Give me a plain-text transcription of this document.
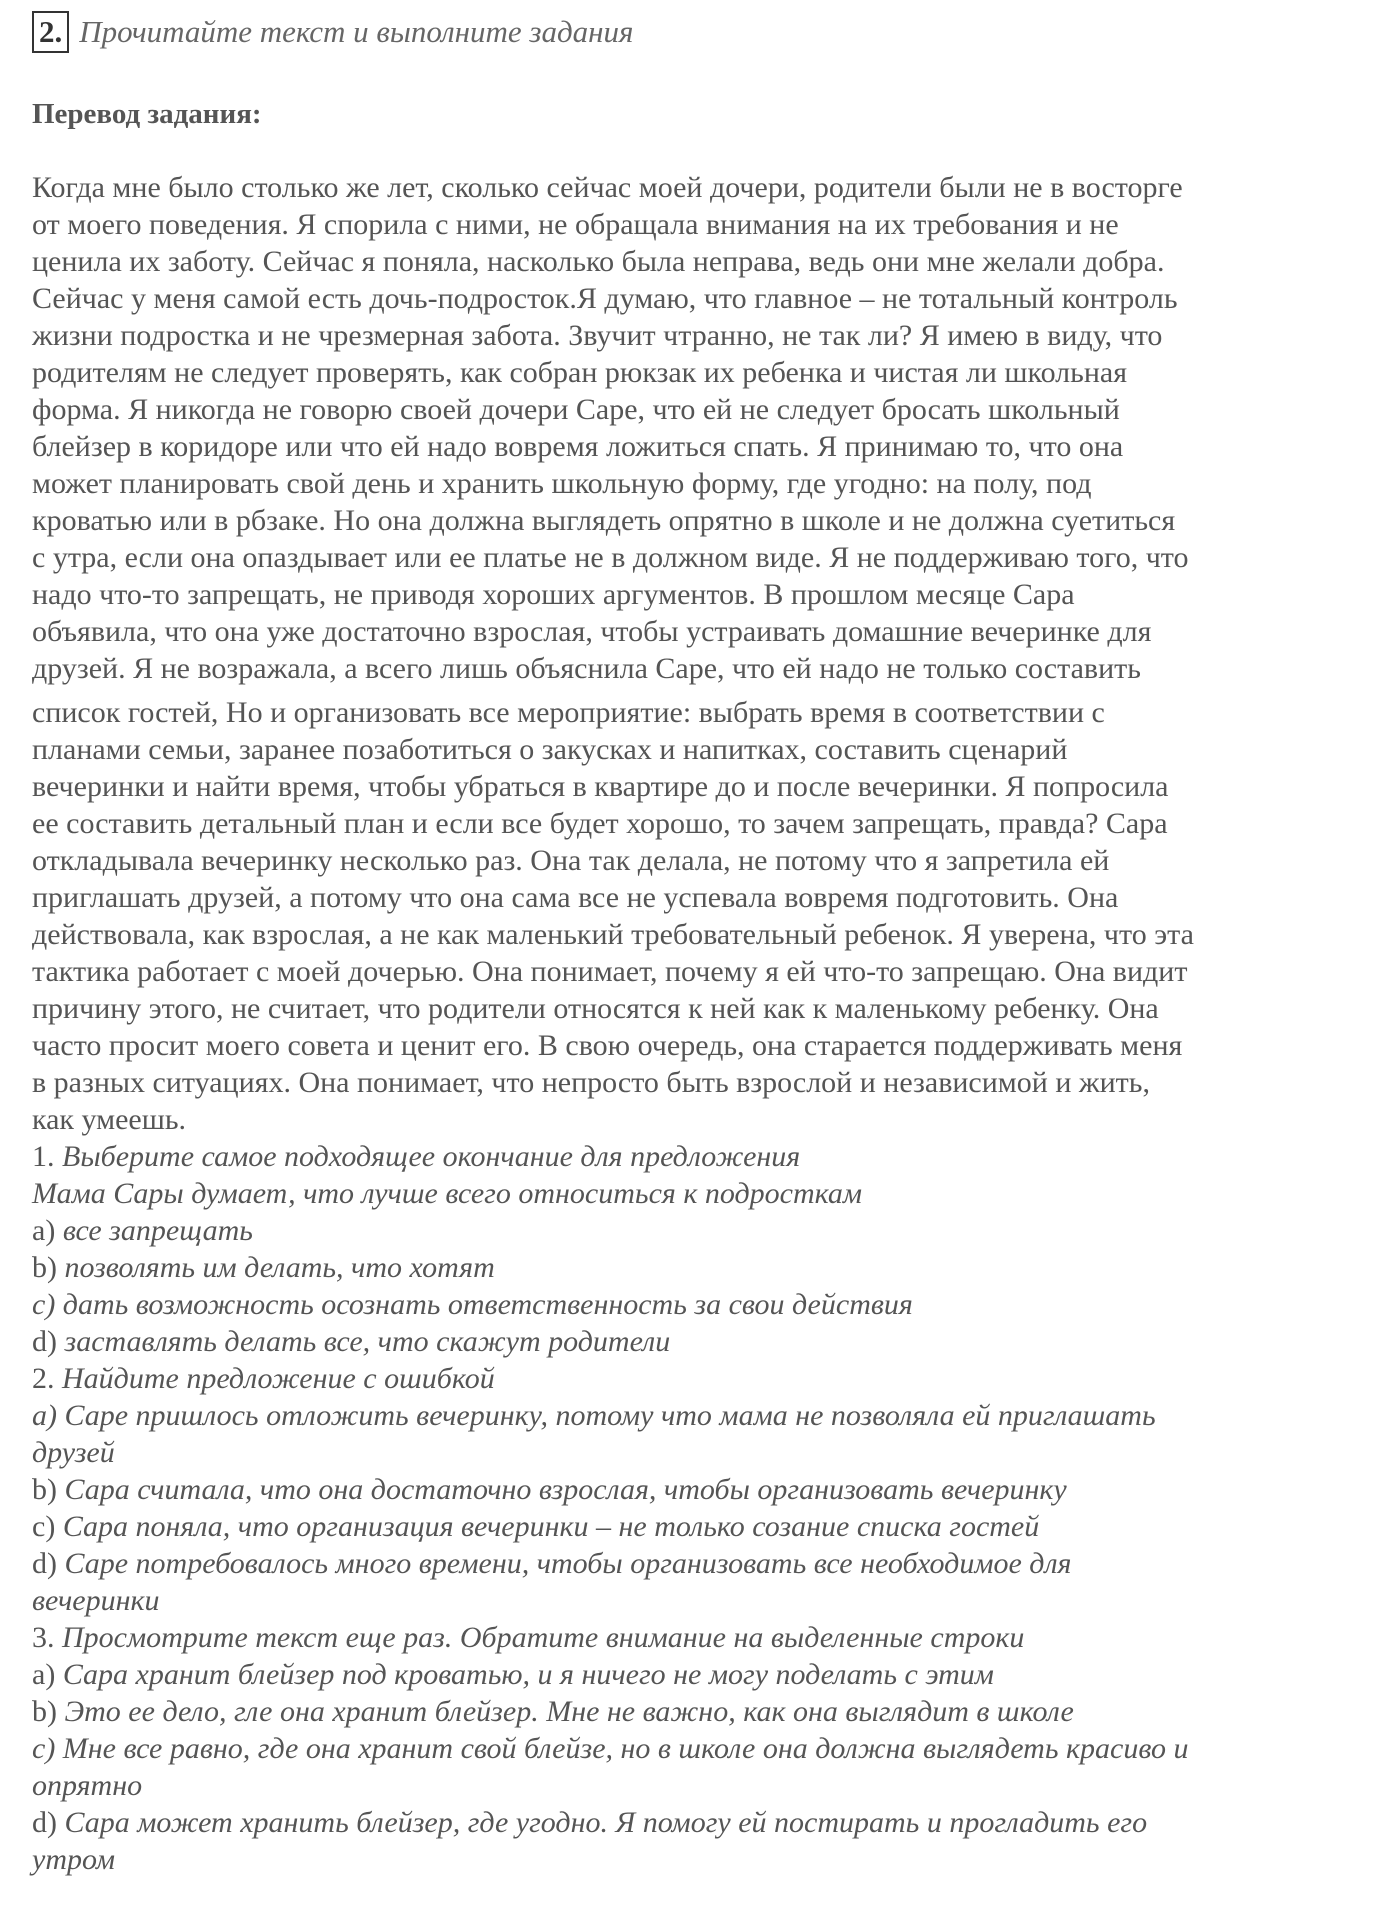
2. Прочитайте текст и выполните задания
Перевод задания:
Когда мне было столько же лет, сколько сейчас моей дочери, родители были не в восторге
от моего поведения. Я спорила с ними, не обращала внимания на их требования и не
ценила их заботу. Сейчас я поняла, насколько была неправа, ведь они мне желали добра.
Сейчас у меня самой есть дочь-подросток.Я думаю, что главное – не тотальный контроль
жизни подростка и не чрезмерная забота. Звучит чтранно, не так ли? Я имею в виду, что
родителям не следует проверять, как собран рюкзак их ребенка и чистая ли школьная
форма. Я никогда не говорю своей дочери Саре, что ей не следует бросать школьный
блейзер в коридоре или что ей надо вовремя ложиться спать. Я принимаю то, что она
может планировать свой день и хранить школьную форму, где угодно: на полу, под
кроватью или в рбзаке. Но она должна выглядеть опрятно в школе и не должна суетиться
с утра, если она опаздывает или ее платье не в должном виде. Я не поддерживаю того, что
надо что-то запрещать, не приводя хороших аргументов. В прошлом месяце Сара
объявила, что она уже достаточно взрослая, чтобы устраивать домашние вечеринке для
друзей. Я не возражала, а всего лишь объяснила Саре, что ей надо не только составить
список гостей, Но и организовать все мероприятие: выбрать время в соответствии с
планами семьи, заранее позаботиться о закусках и напитках, составить сценарий
вечеринки и найти время, чтобы убраться в квартире до и после вечеринки. Я попросила
ее составить детальный план и если все будет хорошо, то зачем запрещать, правда? Сара
откладывала вечеринку несколько раз. Она так делала, не потому что я запретила ей
приглашать друзей, а потому что она сама все не успевала вовремя подготовить. Она
действовала, как взрослая, а не как маленький требовательный ребенок. Я уверена, что эта
тактика работает с моей дочерью. Она понимает, почему я ей что-то запрещаю. Она видит
причину этого, не считает, что родители относятся к ней как к маленькому ребенку. Она
часто просит моего совета и ценит его. В свою очередь, она старается поддерживать меня
в разных ситуациях. Она понимает, что непросто быть взрослой и независимой и жить,
как умеешь.
1. Выберите самое подходящее окончание для предложения
Мама Сары думает, что лучше всего относиться к подросткам
a) все запрещать
b) позволять им делать, что хотят
c) дать возможность осознать ответственность за свои действия
d) заставлять делать все, что скажут родители
2. Найдите предложение с ошибкой
a) Саре пришлось отложить вечеринку, потому что мама не позволяла ей приглашать
друзей
b) Сара считала, что она достаточно взрослая, чтобы организовать вечеринку
c) Сара поняла, что организация вечеринки – не только созание списка гостей
d) Саре потребовалось много времени, чтобы организовать все необходимое для
вечеринки
3. Просмотрите текст еще раз. Обратите внимание на выделенные строки
a) Сара хранит блейзер под кроватью, и я ничего не могу поделать с этим
b) Это ее дело, гле она хранит блейзер. Мне не важно, как она выглядит в школе
c) Мне все равно, где она хранит свой блейзе, но в школе она должна выглядеть красиво и
опрятно
d) Сара может хранить блейзер, где угодно. Я помогу ей постирать и прогладить его
утром
